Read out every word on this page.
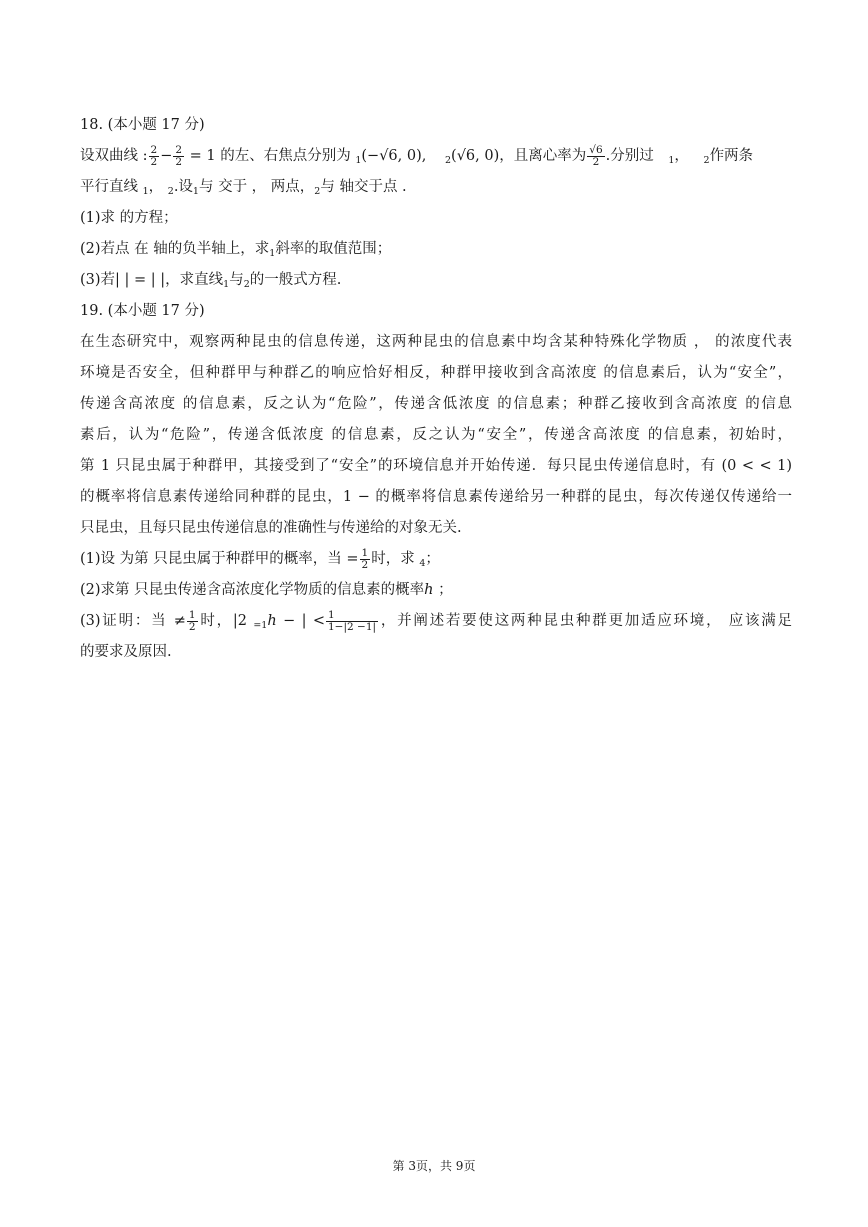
18. (本小题 17 分)
设双曲线 : $\frac{2}{2} - \frac{2}{2} = 1$ 的左、右焦点分别为 $_1$(−√6, 0), $_2$(√6, 0)，且离心率为 $\frac{√6}{2}$ .分别过 $_1$， $_2$作两条
平行直线 $_1$， $_2$.设$_1$与 交于 ， 两点，$_2$与 轴交于点 .
(1)求 的方程；
(2)若点 在 轴的负半轴上，求$_1$斜率的取值范围；
(3)若| | = | |，求直线$_1$与$_2$的一般式方程.
19. (本小题 17 分)
在生态研究中，观察两种昆虫的信息传递，这两种昆虫的信息素中均含某种特殊化学物质 ， 的浓度代表
环境是否安全，但种群甲与种群乙的响应恰好相反，种群甲接收到含高浓度 的信息素后，认为“安全”，
传递含高浓度 的信息素，反之认为“危险”，传递含低浓度 的信息素；种群乙接收到含高浓度 的信息
素后，认为“危险”，传递含低浓度 的信息素，反之认为“安全”，传递含高浓度 的信息素，初始时，
第 1 只昆虫属于种群甲，其接受到了“安全”的环境信息并开始传递．每只昆虫传递信息时，有 (0 < < 1)
的概率将信息素传递给同种群的昆虫，1 − 的概率将信息素传递给另一种群的昆虫，每次传递仅传递给一
只昆虫，且每只昆虫传递信息的准确性与传递给的对象无关.
(1)设 为第 只昆虫属于种群甲的概率，当 = $\frac{1}{2}$ 时，求 $_4$；
(2)求第 只昆虫传递含高浓度化学物质的信息素的概率ℎ ；
(3)证明：当 ≠ $\frac{1}{2}$ 时，|2 $_{=1}$ℎ − | < $\frac{1}{1-|2 -1|}$ ，并阐述若要使这两种昆虫种群更加适应环境， 应该满足
的要求及原因.
第 3页，共 9页
